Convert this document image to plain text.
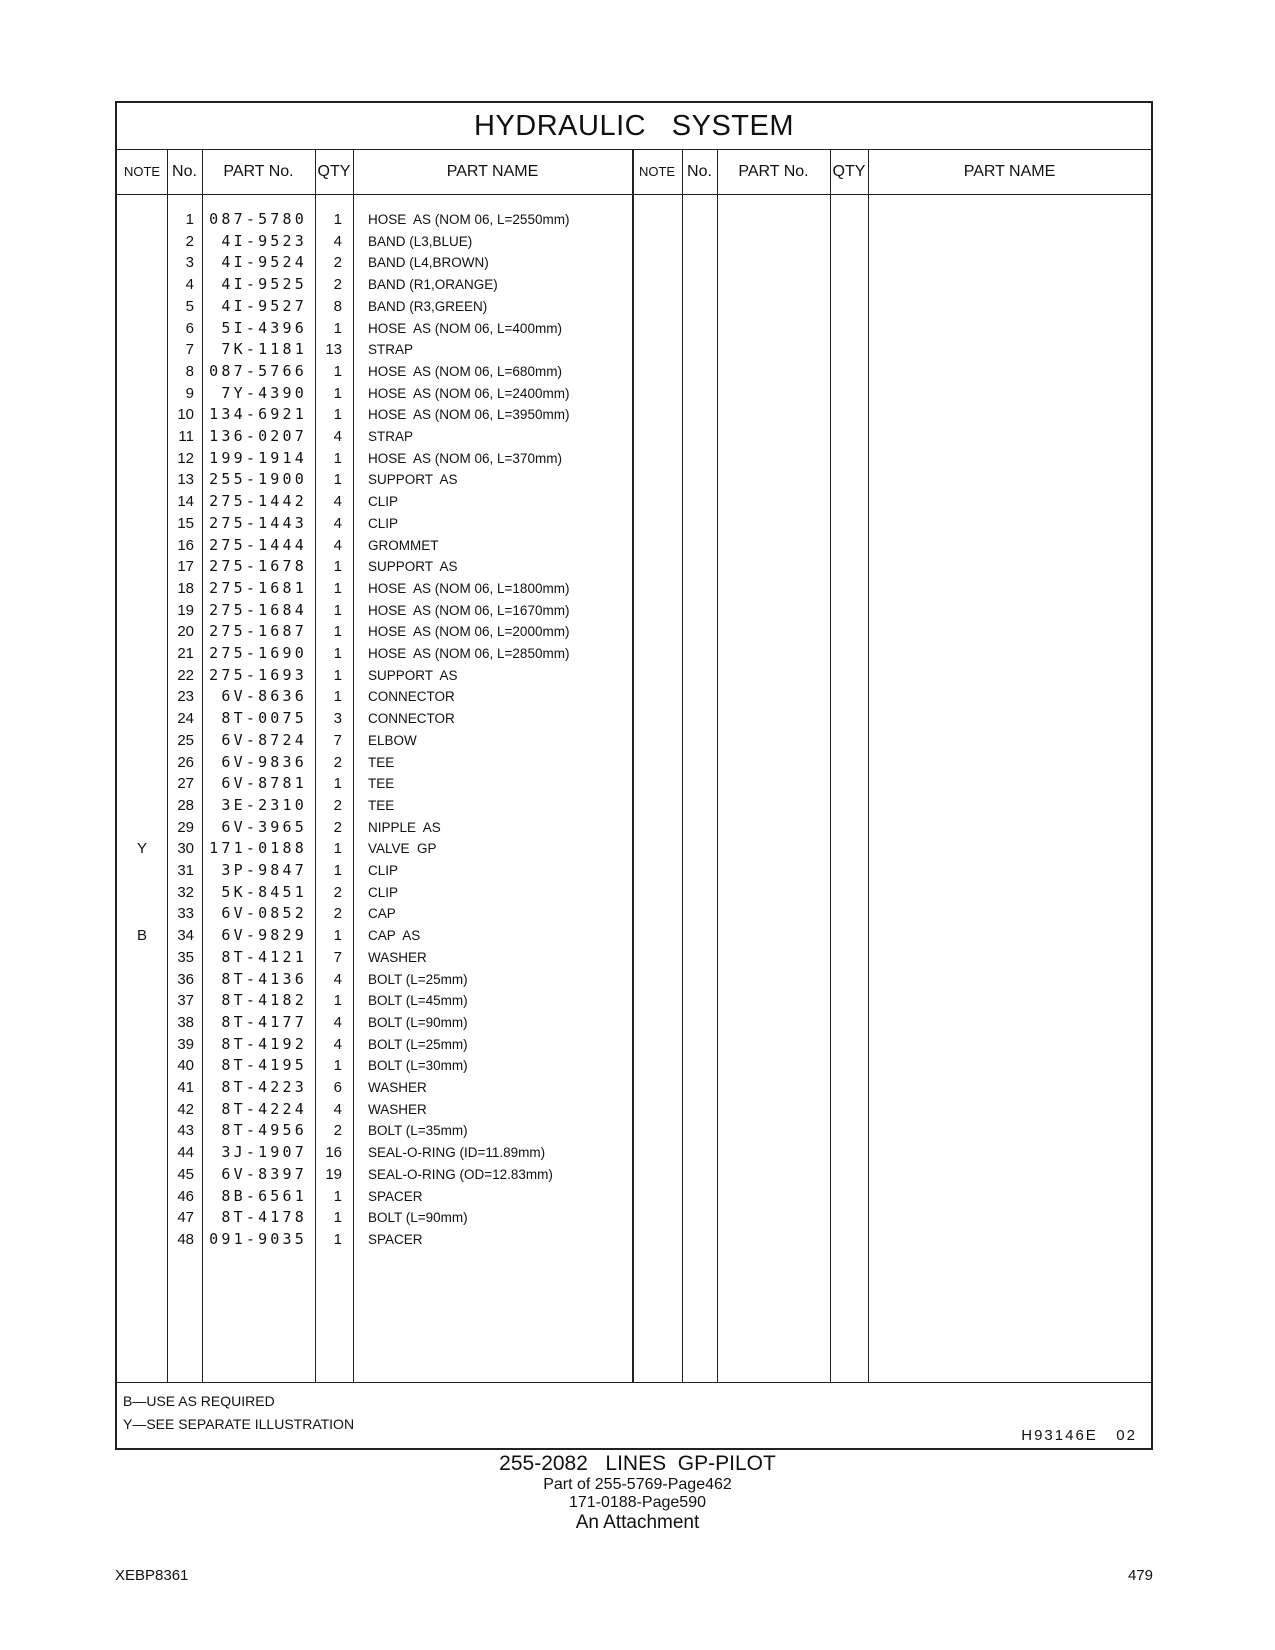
HYDRAULIC   SYSTEM
NOTE No.	PART No.	QTY	PART NAME	NOTE No.	PART No.	QTY	PART NAME
1	087-5780	1 HOSE  AS (NOM 06, L=2550mm)
2	4I-9523	4 BAND (L3,BLUE)
3	4I-9524	2 BAND (L4,BROWN)
4	4I-9525	2 BAND (R1,ORANGE)
5	4I-9527	8 BAND (R3,GREEN)
6	5I-4396	1 HOSE  AS (NOM 06, L=400mm)
7	7K-1181	13 STRAP
8	087-5766	1 HOSE  AS (NOM 06, L=680mm)
9	7Y-4390	1 HOSE  AS (NOM 06, L=2400mm)
10	134-6921	1 HOSE  AS (NOM 06, L=3950mm)
11	136-0207	4 STRAP
12	199-1914	1 HOSE  AS (NOM 06, L=370mm)
13	255-1900	1 SUPPORT  AS
14	275-1442	4 CLIP
15	275-1443	4 CLIP
16	275-1444	4 GROMMET
17	275-1678	1 SUPPORT  AS
18	275-1681	1 HOSE  AS (NOM 06, L=1800mm)
19	275-1684	1 HOSE  AS (NOM 06, L=1670mm)
20	275-1687	1 HOSE  AS (NOM 06, L=2000mm)
21	275-1690	1 HOSE  AS (NOM 06, L=2850mm)
22	275-1693	1 SUPPORT  AS
23	6V-8636	1 CONNECTOR
24	8T-0075	3 CONNECTOR
25	6V-8724	7 ELBOW
26	6V-9836	2 TEE
27	6V-8781	1 TEE
28	3E-2310	2 TEE
29	6V-3965	2 NIPPLE  AS
Y	30	171-0188	1 VALVE  GP
31	3P-9847	1 CLIP
32	5K-8451	2 CLIP
33	6V-0852	2 CAP
B	34	6V-9829	1 CAP  AS
35	8T-4121	7 WASHER
36	8T-4136	4 BOLT (L=25mm)
37	8T-4182	1 BOLT (L=45mm)
38	8T-4177	4 BOLT (L=90mm)
39	8T-4192	4 BOLT (L=25mm)
40	8T-4195	1 BOLT (L=30mm)
41	8T-4223	6 WASHER
42	8T-4224	4 WASHER
43	8T-4956	2 BOLT (L=35mm)
44	3J-1907	16 SEAL-O-RING (ID=11.89mm)
45	6V-8397	19 SEAL-O-RING (OD=12.83mm)
46	8B-6561	1 SPACER
47	8T-4178	1 BOLT (L=90mm)
48	091-9035	1 SPACER
B—USE AS REQUIRED
Y—SEE SEPARATE ILLUSTRATION
H93146E   02
255-2082   LINES  GP-PILOT
Part of 255-5769-Page462
171-0188-Page590
An Attachment
XEBP8361	479
